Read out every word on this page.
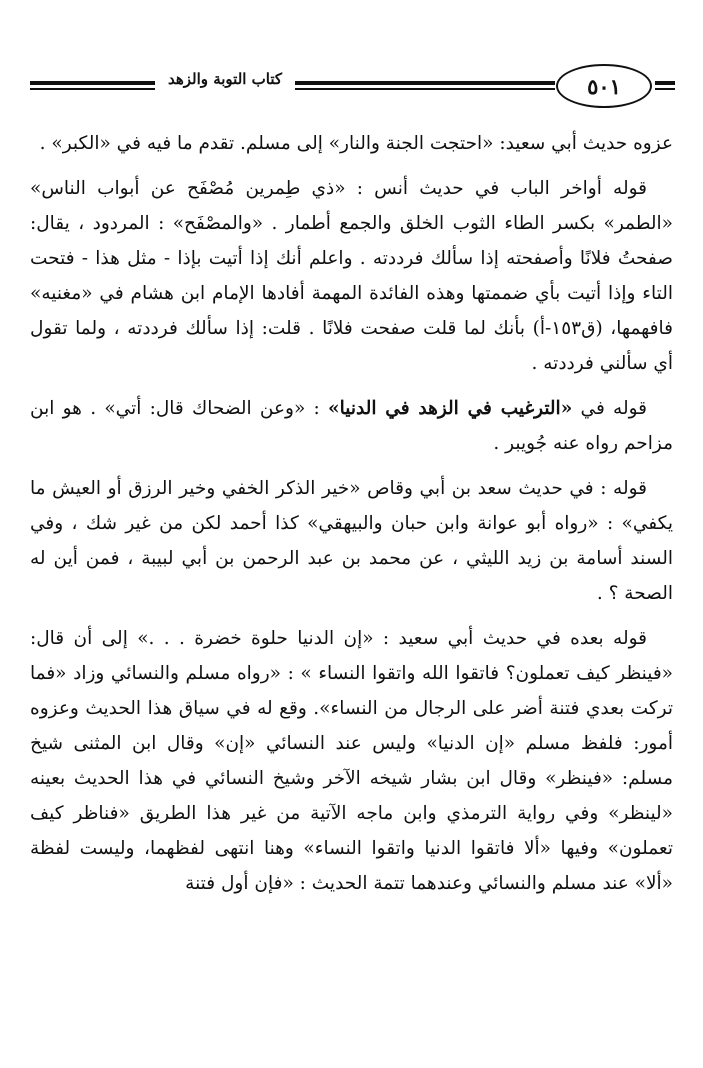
كتاب التوبة والزهد	٥٠١

عزوه حديث أبي سعيد: «احتجت الجنة والنار» إلى مسلم. تقدم ما فيه في «الكبر» .

قوله أواخر الباب في حديث أنس : «ذي طِمرين مُصْفَح عن أبواب الناس» «الطمر» بكسر الطاء الثوب الخلق والجمع أطمار . «والمصْفَح» : المردود ، يقال: صفحتُ فلانًا وأصفحته إذا سألك فرددته . واعلم أنك إذا أتيت بإذا - مثل هذا - فتحت التاء وإذا أتيت بأي ضممتها وهذه الفائدة المهمة أفادها الإمام ابن هشام في «مغنيه» فافهمها، (ق١٥٣-أ) بأنك لما قلت صفحت فلانًا . قلت: إذا سألك فرددته ، ولما تقول أي سألني فرددته .

قوله في «الترغيب في الزهد في الدنيا» : «وعن الضحاك قال: أتي» . هو ابن مزاحم رواه عنه جُويبر .

قوله : في حديث سعد بن أبي وقاص «خير الذكر الخفي وخير الرزق أو العيش ما يكفي» : «رواه أبو عوانة وابن حبان والبيهقي» كذا أحمد لكن من غير شك ، وفي السند أسامة بن زيد الليثي ، عن محمد بن عبد الرحمن بن أبي لبيبة ، فمن أين له الصحة ؟ .

قوله بعده في حديث أبي سعيد : «إن الدنيا حلوة خضرة . . .» إلى أن قال: «فينظر كيف تعملون؟ فاتقوا الله واتقوا النساء » : «رواه مسلم والنسائي وزاد «فما تركت بعدي فتنة أضر على الرجال من النساء». وقع له في سياق هذا الحديث وعزوه أمور: فلفظ مسلم «إن الدنيا» وليس عند النسائي «إن» وقال ابن المثنى شيخ مسلم: «فينظر» وقال ابن بشار شيخه الآخر وشيخ النسائي في هذا الحديث بعينه «لينظر» وفي رواية الترمذي وابن ماجه الآتية من غير هذا الطريق «فناظر كيف تعملون» وفيها «ألا فاتقوا الدنيا واتقوا النساء» وهنا انتهى لفظهما، وليست لفظة «ألا» عند مسلم والنسائي وعندهما تتمة الحديث : «فإن أول فتنة
